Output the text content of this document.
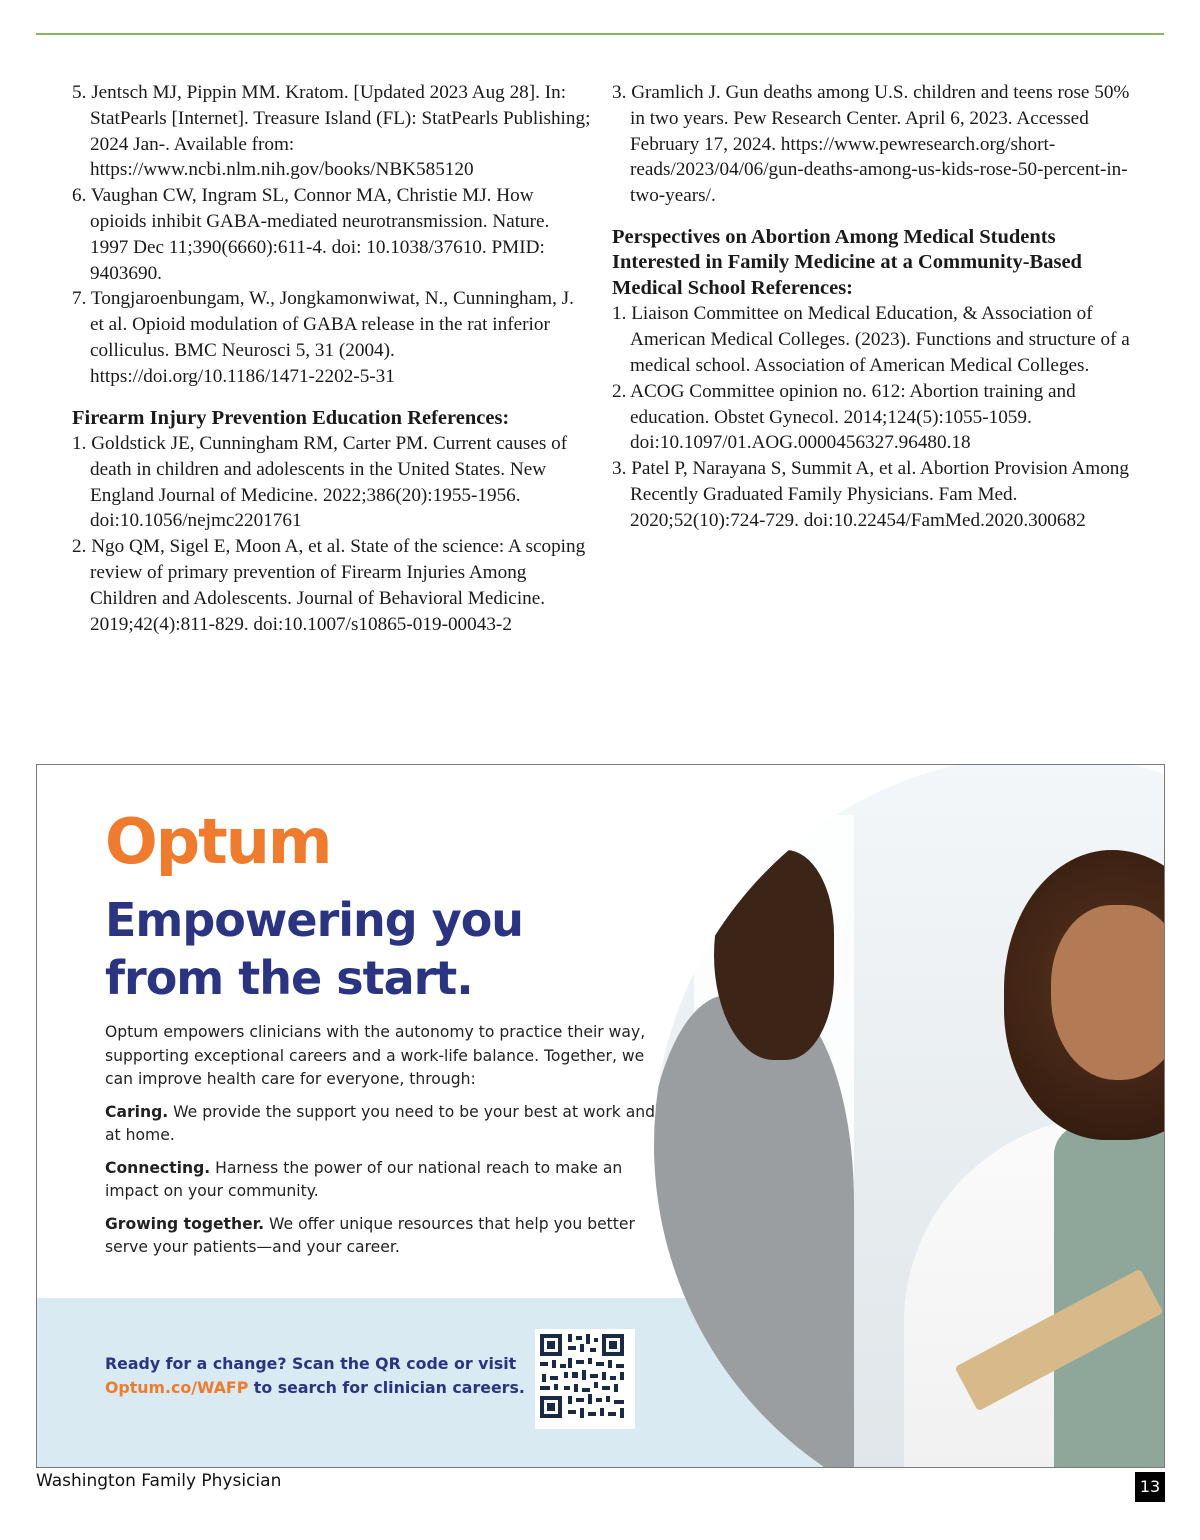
5. Jentsch MJ, Pippin MM. Kratom. [Updated 2023 Aug 28]. In: StatPearls [Internet]. Treasure Island (FL): StatPearls Publishing; 2024 Jan-. Available from: https://www.ncbi.nlm.nih.gov/books/NBK585120
6. Vaughan CW, Ingram SL, Connor MA, Christie MJ. How opioids inhibit GABA-mediated neurotransmission. Nature. 1997 Dec 11;390(6660):611-4. doi: 10.1038/37610. PMID: 9403690.
7. Tongjaroenbungam, W., Jongkamonwiwat, N., Cunningham, J. et al. Opioid modulation of GABA release in the rat inferior colliculus. BMC Neurosci 5, 31 (2004). https://doi.org/10.1186/1471-2202-5-31
Firearm Injury Prevention Education References:
1. Goldstick JE, Cunningham RM, Carter PM. Current causes of death in children and adolescents in the United States. New England Journal of Medicine. 2022;386(20):1955-1956. doi:10.1056/nejmc2201761
2. Ngo QM, Sigel E, Moon A, et al. State of the science: A scoping review of primary prevention of Firearm Injuries Among Children and Adolescents. Journal of Behavioral Medicine. 2019;42(4):811-829. doi:10.1007/s10865-019-00043-2
3. Gramlich J. Gun deaths among U.S. children and teens rose 50% in two years. Pew Research Center. April 6, 2023. Accessed February 17, 2024. https://www.pewresearch.org/short-reads/2023/04/06/gun-deaths-among-us-kids-rose-50-percent-in-two-years/.
Perspectives on Abortion Among Medical Students Interested in Family Medicine at a Community-Based Medical School References:
1. Liaison Committee on Medical Education, & Association of American Medical Colleges. (2023). Functions and structure of a medical school. Association of American Medical Colleges.
2. ACOG Committee opinion no. 612: Abortion training and education. Obstet Gynecol. 2014;124(5):1055-1059. doi:10.1097/01.AOG.0000456327.96480.18
3. Patel P, Narayana S, Summit A, et al. Abortion Provision Among Recently Graduated Family Physicians. Fam Med. 2020;52(10):724-729. doi:10.22454/FamMed.2020.300682
Optum
Empowering you from the start.

Optum empowers clinicians with the autonomy to practice their way, supporting exceptional careers and a work-life balance. Together, we can improve health care for everyone, through:

Caring. We provide the support you need to be your best at work and at home.

Connecting. Harness the power of our national reach to make an impact on your community.

Growing together. We offer unique resources that help you better serve your patients—and your career.

Ready for a change? Scan the QR code or visit Optum.co/WAFP to search for clinician careers.
Washington Family Physician	13
